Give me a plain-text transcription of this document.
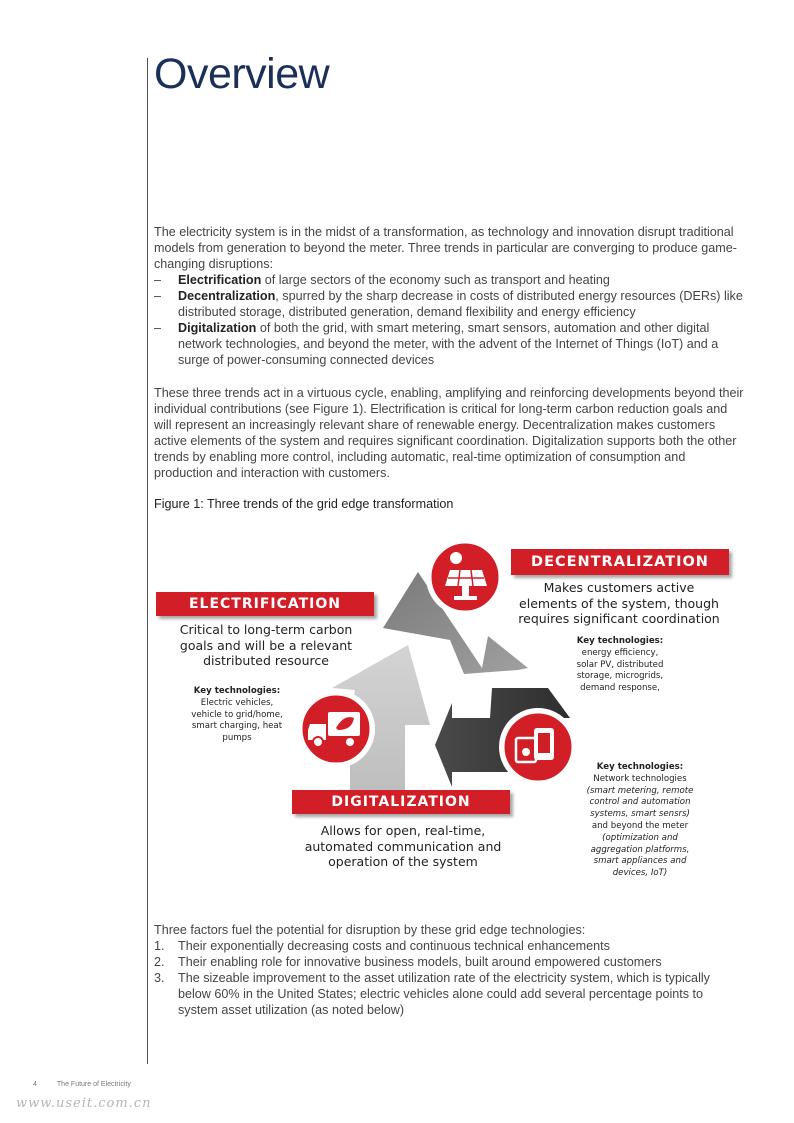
Overview

The electricity system is in the midst of a transformation, as technology and innovation disrupt traditional models from generation to beyond the meter. Three trends in particular are converging to produce game-changing disruptions:

– Electrification of large sectors of the economy such as transport and heating
– Decentralization, spurred by the sharp decrease in costs of distributed energy resources (DERs) like distributed storage, distributed generation, demand flexibility and energy efficiency
– Digitalization of both the grid, with smart metering, smart sensors, automation and other digital network technologies, and beyond the meter, with the advent of the Internet of Things (IoT) and a surge of power-consuming connected devices

These three trends act in a virtuous cycle, enabling, amplifying and reinforcing developments beyond their individual contributions (see Figure 1). Electrification is critical for long-term carbon reduction goals and will represent an increasingly relevant share of renewable energy. Decentralization makes customers active elements of the system and requires significant coordination. Digitalization supports both the other trends by enabling more control, including automatic, real-time optimization of consumption and production and interaction with customers.

Figure 1: Three trends of the grid edge transformation

DECENTRALIZATION
ELECTRIFICATION
DIGITALIZATION
Makes customers active
elements of the system, though
requires significant coordination
Critical to long-term carbon
goals and will be a relevant
distributed resource
Allows for open, real-time,
automated communication and
operation of the system
Key technologies:
energy efficiency,
solar PV, distributed
storage, microgrids,
demand response,
Key technologies:
Electric vehicles,
vehicle to grid/home,
smart charging, heat
pumps
Key technologies:
Network technologies
(smart metering, remote
control and automation
systems, smart sensrs)
and beyond the meter
(optimization and
aggregation platforms,
smart appliances and
devices, IoT)

Three factors fuel the potential for disruption by these grid edge technologies:

1. Their exponentially decreasing costs and continuous technical enhancements
2. Their enabling role for innovative business models, built around empowered customers
3. The sizeable improvement to the asset utilization rate of the electricity system, which is typically below 60% in the United States; electric vehicles alone could add several percentage points to system asset utilization (as noted below)
4	The Future of Electricity
www.useit.com.cn
